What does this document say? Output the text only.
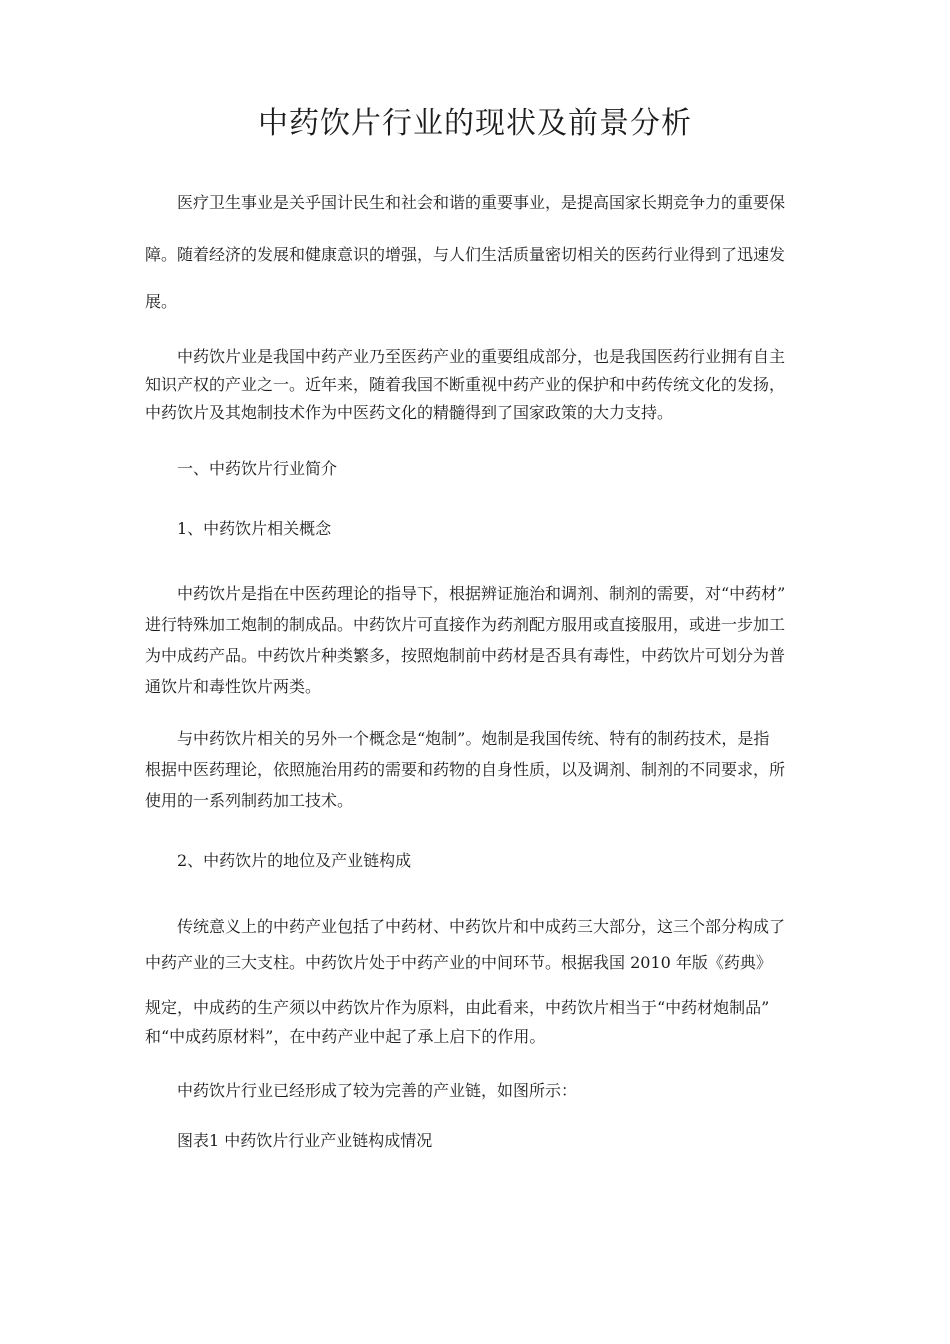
中药饮片行业的现状及前景分析
医疗卫生事业是关乎国计民生和社会和谐的重要事业，是提高国家长期竞争力的重要保
障。随着经济的发展和健康意识的增强，与人们生活质量密切相关的医药行业得到了迅速发
展。
中药饮片业是我国中药产业乃至医药产业的重要组成部分，也是我国医药行业拥有自主
知识产权的产业之一。近年来，随着我国不断重视中药产业的保护和中药传统文化的发扬，
中药饮片及其炮制技术作为中医药文化的精髓得到了国家政策的大力支持。

一、中药饮片行业简介

1、中药饮片相关概念

中药饮片是指在中医药理论的指导下，根据辨证施治和调剂、制剂的需要，对“中药材”
进行特殊加工炮制的制成品。中药饮片可直接作为药剂配方服用或直接服用，或进一步加工
为中成药产品。中药饮片种类繁多，按照炮制前中药材是否具有毒性，中药饮片可划分为普
通饮片和毒性饮片两类。
与中药饮片相关的另外一个概念是“炮制”。炮制是我国传统、特有的制药技术，是指
根据中医药理论，依照施治用药的需要和药物的自身性质，以及调剂、制剂的不同要求，所
使用的一系列制药加工技术。

2、中药饮片的地位及产业链构成

传统意义上的中药产业包括了中药材、中药饮片和中成药三大部分，这三个部分构成了
中药产业的三大支柱。中药饮片处于中药产业的中间环节。根据我国 2010 年版《药典》
规定，中成药的生产须以中药饮片作为原料，由此看来，中药饮片相当于“中药材炮制品”
和“中成药原材料”，在中药产业中起了承上启下的作用。

中药饮片行业已经形成了较为完善的产业链，如图所示：

图表1 中药饮片行业产业链构成情况
